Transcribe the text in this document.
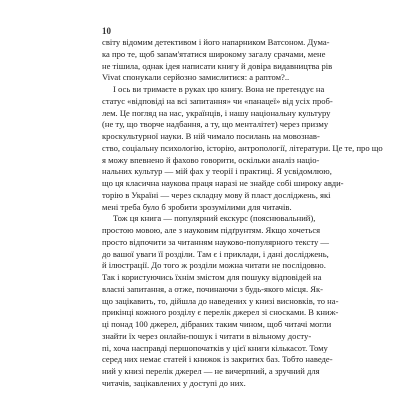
10
світу відомим детективом і його напарником Ватсоном. Дума-
ка про те, щоб запам'ятатися широкому загалу срачами, мене
не тішила, однак ідея написати книгу й довіра видавництва рів
Vivat спонукали серйозно замислитися: а раптом?..
І ось ви тримаєте в руках цю книгу. Вона не претендує на
статус «відповіді на всі запитання» чи «панацеї» від усіх проб-
лем. Це погляд на нас, українців, і нашу національну культуру
(не ту, що творче надбання, а ту, що менталітет) через призму
кроскультурної науки. В ній чимало посилань на мовознав-
ство, соціальну психологію, історію, антропології, літератури. Це те, про що
я можу впевнено й фахово говорити, оскільки аналіз націо-
нальних культур — мій фах у теорії і практиці. Я усвідомлюю,
що ця класична наукова праця наразі не знайде собі широку авди-
торію в Україні — через складну мову й пласт досліджень, які
мені треба було б зробити зрозумілими для читачів.
Тож ця книга — популярний екскурс (пояснювальний),
простою мовою, але з науковим підґрунтям. Якщо хочеться
просто відпочити за читанням науково-популярного тексту —
до вашої уваги її розділи. Там є і приклади, і дані досліджень,
й ілюстрації. До того ж розділи можна читати не послідовно.
Так і користуючись їхнім змістом для пошуку відповідей на
власні запитання, а отже, починаючи з будь-якого місця. Як-
що зацікавить, то, дійшла до наведених у книзі висновків, то на-
прикінці кожного розділу є перелік джерел зі сносками. В книж-
ці понад 100 джерел, дібраних таким чином, щоб читачі могли
знайти їх через онлайн-пошук і читати в вільному досту-
пі, хоча насправді першопочатків у цієї книги кількасот. Тому
серед них немає статей і книжок із закритих баз. Тобто наведе-
ний у книзі перелік джерел — не вичерпний, а зручний для
читачів, зацікавлених у доступі до них.
